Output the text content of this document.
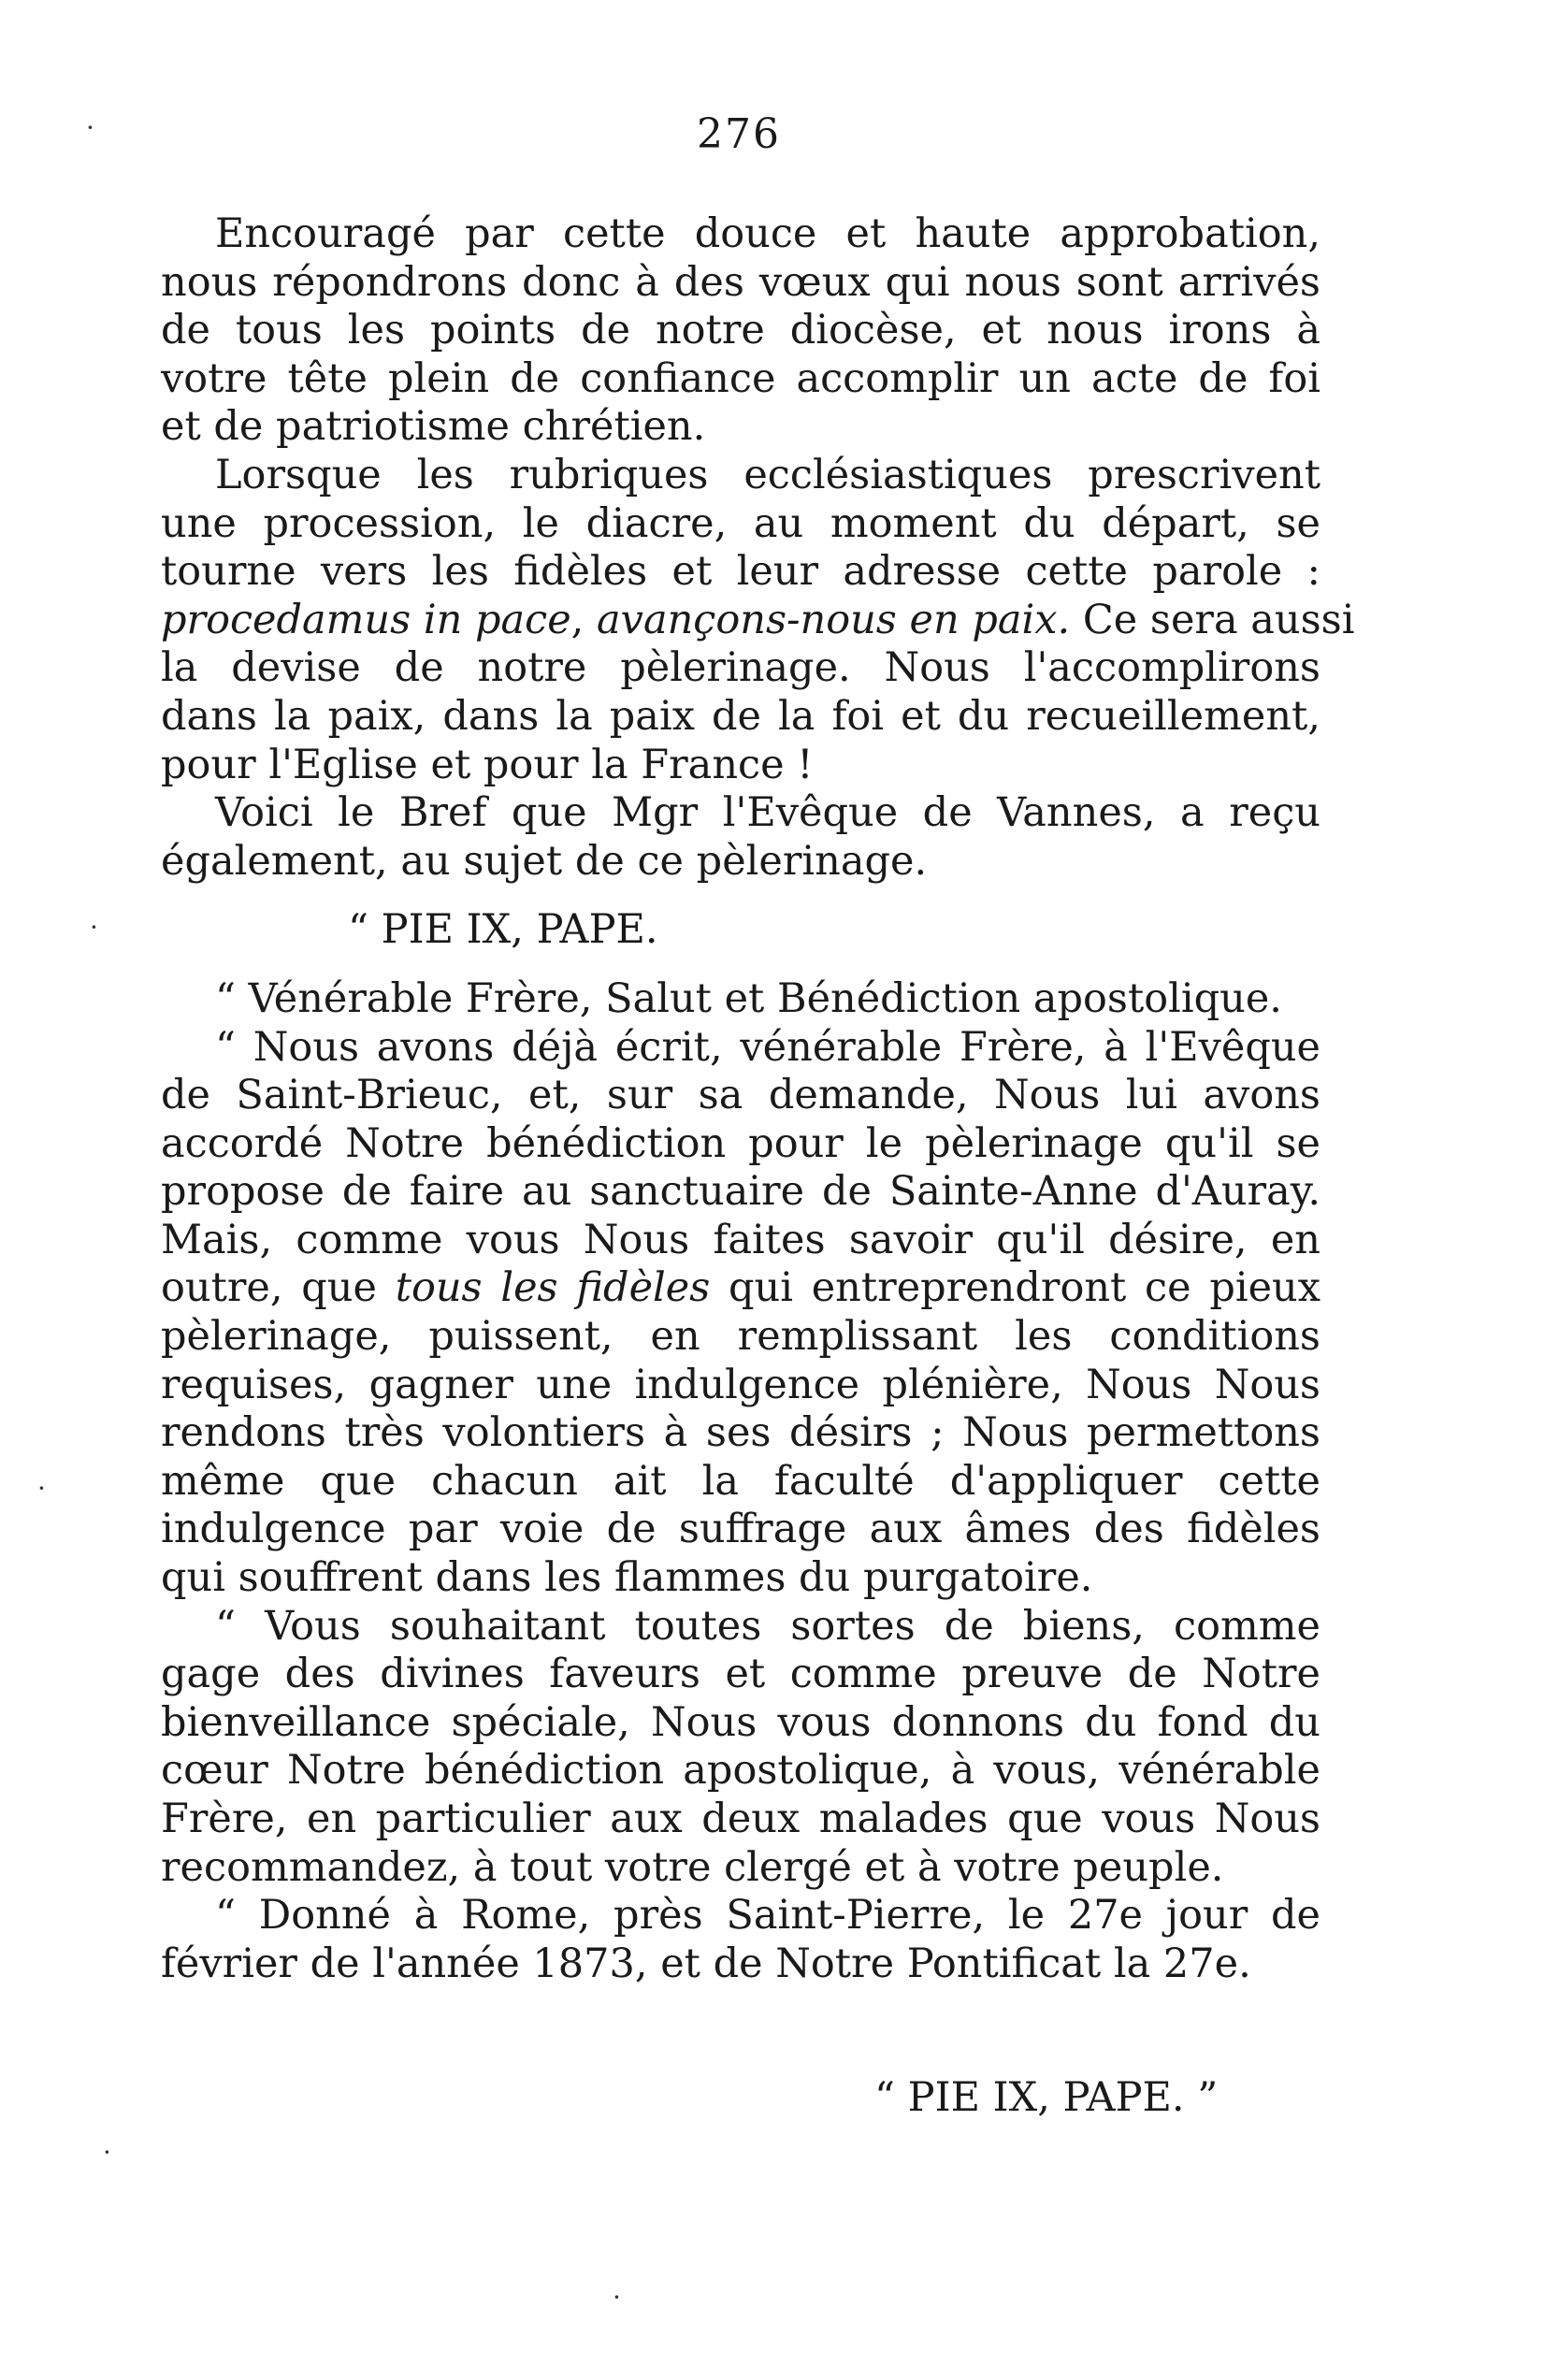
276
Encouragé par cette douce et haute approbation,
nous répondrons donc à des vœux qui nous sont arrivés
de tous les points de notre diocèse, et nous irons à
votre tête plein de confiance accomplir un acte de foi
et de patriotisme chrétien.
Lorsque les rubriques ecclésiastiques prescrivent
une procession, le diacre, au moment du départ, se
tourne vers les fidèles et leur adresse cette parole :
procedamus in pace, avançons-nous en paix. Ce sera aussi
la devise de notre pèlerinage. Nous l'accomplirons
dans la paix, dans la paix de la foi et du recueillement,
pour l'Eglise et pour la France !
Voici le Bref que Mgr l'Evêque de Vannes, a reçu
également, au sujet de ce pèlerinage.
“ PIE IX, PAPE.
“ Vénérable Frère, Salut et Bénédiction apostolique.
“ Nous avons déjà écrit, vénérable Frère, à l'Evêque
de Saint-Brieuc, et, sur sa demande, Nous lui avons
accordé Notre bénédiction pour le pèlerinage qu'il se
propose de faire au sanctuaire de Sainte-Anne d'Auray.
Mais, comme vous Nous faites savoir qu'il désire, en
outre, que tous les fidèles qui entreprendront ce pieux
pèlerinage, puissent, en remplissant les conditions
requises, gagner une indulgence plénière, Nous Nous
rendons très volontiers à ses désirs ; Nous permettons
même que chacun ait la faculté d'appliquer cette
indulgence par voie de suffrage aux âmes des fidèles
qui souffrent dans les flammes du purgatoire.
“ Vous souhaitant toutes sortes de biens, comme
gage des divines faveurs et comme preuve de Notre
bienveillance spéciale, Nous vous donnons du fond du
cœur Notre bénédiction apostolique, à vous, vénérable
Frère, en particulier aux deux malades que vous Nous
recommandez, à tout votre clergé et à votre peuple.
“ Donné à Rome, près Saint-Pierre, le 27e jour de
février de l'année 1873, et de Notre Pontificat la 27e.
“ PIE IX, PAPE. ”
·
·
·
·
·
